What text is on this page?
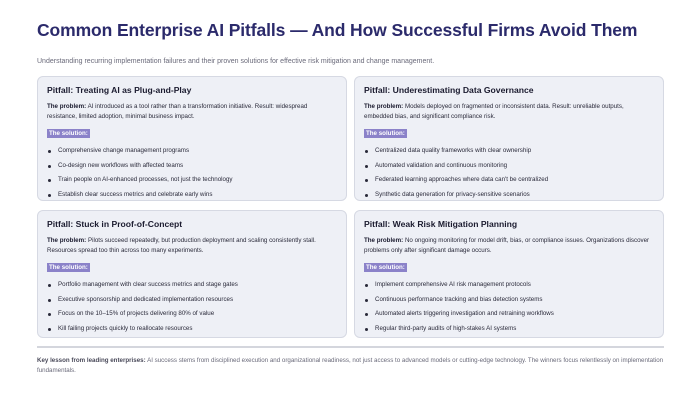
Common Enterprise AI Pitfalls — And How Successful Firms Avoid Them
Understanding recurring implementation failures and their proven solutions for effective risk mitigation and change management.
Pitfall: Treating AI as Plug-and-Play
The problem: AI introduced as a tool rather than a transformation initiative. Result: widespread resistance, limited adoption, minimal business impact.
The solution:
Comprehensive change management programs
Co-design new workflows with affected teams
Train people on AI-enhanced processes, not just the technology
Establish clear success metrics and celebrate early wins
Pitfall: Underestimating Data Governance
The problem: Models deployed on fragmented or inconsistent data. Result: unreliable outputs, embedded bias, and significant compliance risk.
The solution:
Centralized data quality frameworks with clear ownership
Automated validation and continuous monitoring
Federated learning approaches where data can't be centralized
Synthetic data generation for privacy-sensitive scenarios
Pitfall: Stuck in Proof-of-Concept
The problem: Pilots succeed repeatedly, but production deployment and scaling consistently stall. Resources spread too thin across too many experiments.
The solution:
Portfolio management with clear success metrics and stage gates
Executive sponsorship and dedicated implementation resources
Focus on the 10–15% of projects delivering 80% of value
Kill failing projects quickly to reallocate resources
Pitfall: Weak Risk Mitigation Planning
The problem: No ongoing monitoring for model drift, bias, or compliance issues. Organizations discover problems only after significant damage occurs.
The solution:
Implement comprehensive AI risk management protocols
Continuous performance tracking and bias detection systems
Automated alerts triggering investigation and retraining workflows
Regular third-party audits of high-stakes AI systems
Key lesson from leading enterprises: AI success stems from disciplined execution and organizational readiness, not just access to advanced models or cutting-edge technology. The winners focus relentlessly on implementation fundamentals.
